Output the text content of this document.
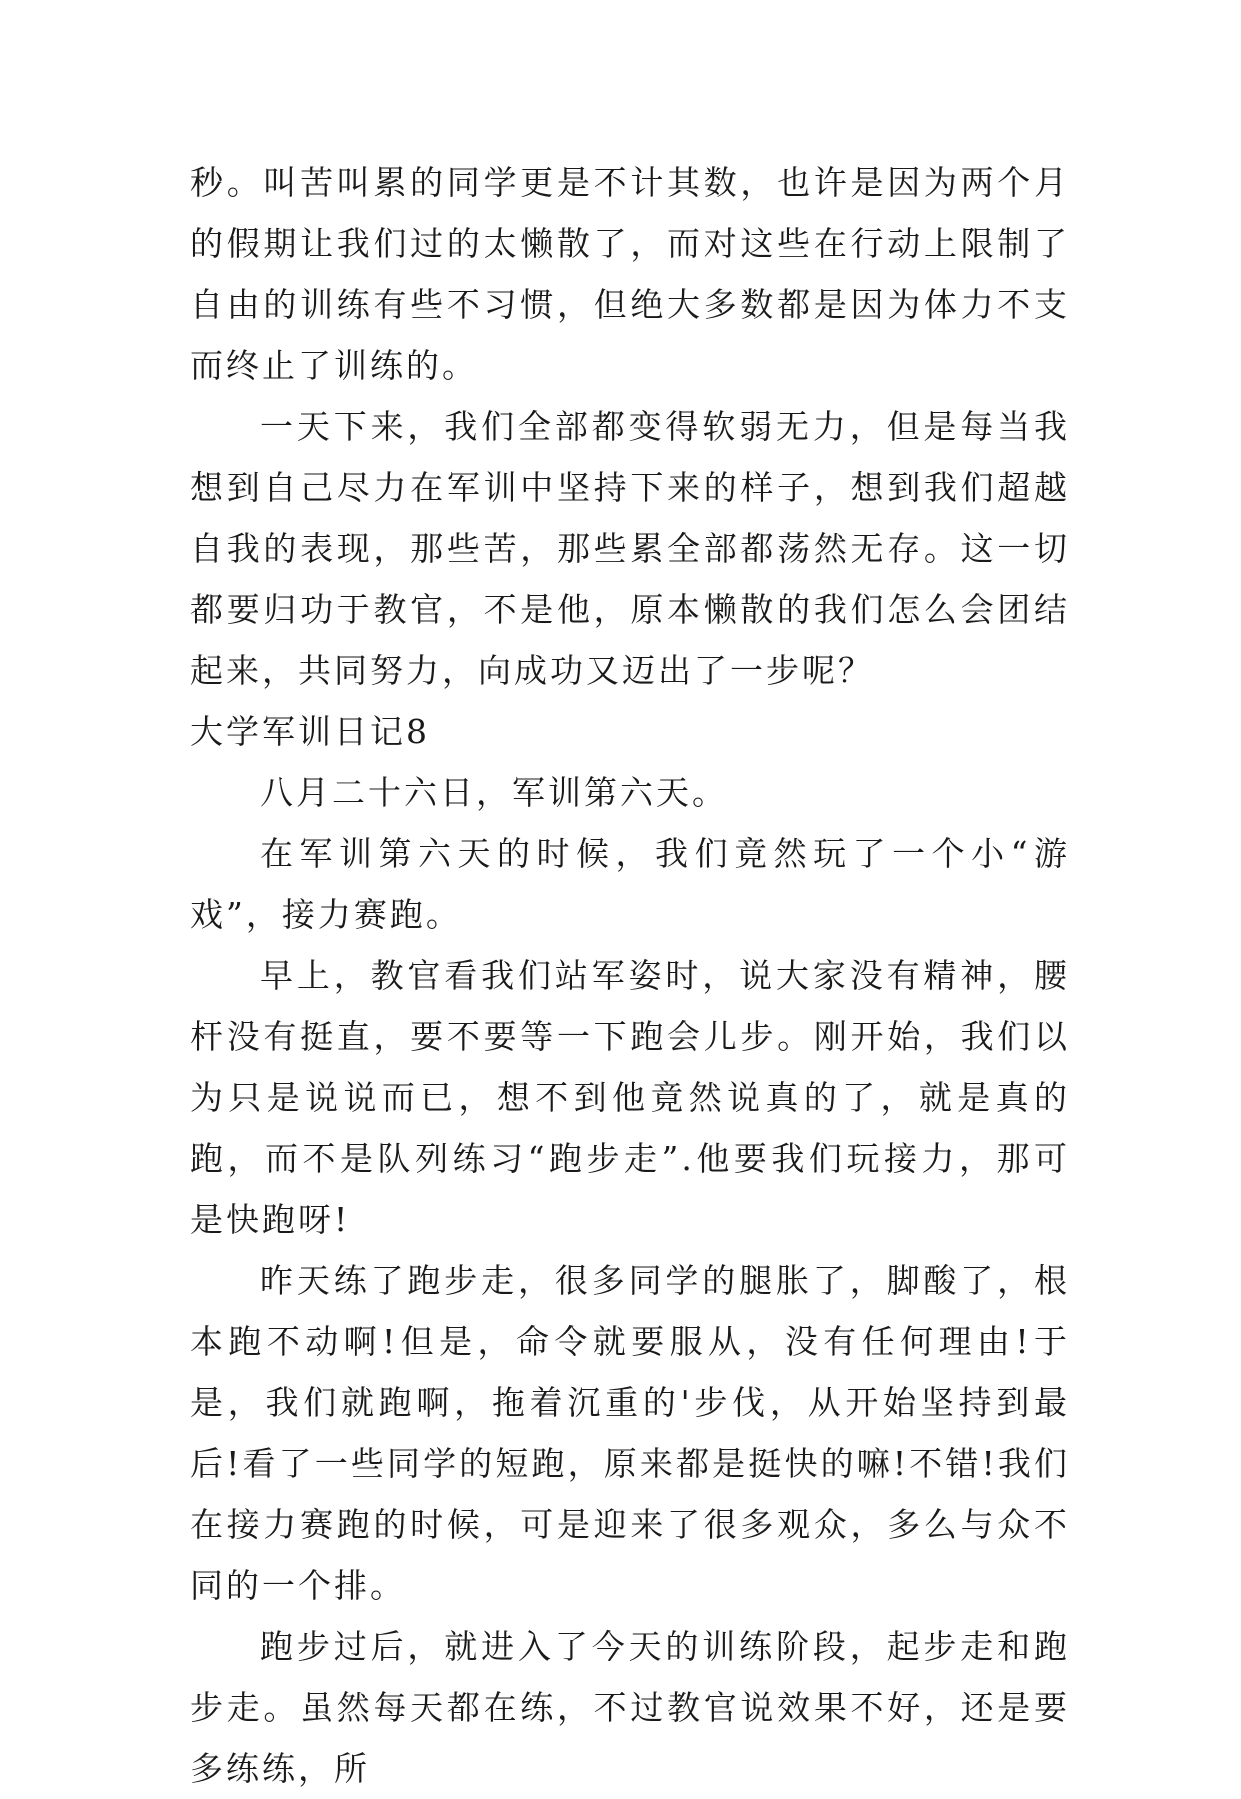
秒。叫苦叫累的同学更是不计其数，也许是因为两个月的假期让我们过的太懒散了，而对这些在行动上限制了自由的训练有些不习惯，但绝大多数都是因为体力不支而终止了训练的。

一天下来，我们全部都变得软弱无力，但是每当我想到自己尽力在军训中坚持下来的样子，想到我们超越自我的表现，那些苦，那些累全部都荡然无存。这一切都要归功于教官，不是他，原本懒散的我们怎么会团结起来，共同努力，向成功又迈出了一步呢？

大学军训日记8

八月二十六日，军训第六天。

在军训第六天的时候，我们竟然玩了一个小“游戏”，接力赛跑。

早上，教官看我们站军姿时，说大家没有精神，腰杆没有挺直，要不要等一下跑会儿步。刚开始，我们以为只是说说而已，想不到他竟然说真的了，就是真的跑，而不是队列练习“跑步走”.他要我们玩接力，那可是快跑呀!

昨天练了跑步走，很多同学的腿胀了，脚酸了，根本跑不动啊!但是，命令就要服从，没有任何理由!于是，我们就跑啊，拖着沉重的'步伐，从开始坚持到最后!看了一些同学的短跑，原来都是挺快的嘛!不错!我们在接力赛跑的时候，可是迎来了很多观众，多么与众不同的一个排。

跑步过后，就进入了今天的训练阶段，起步走和跑步走。虽然每天都在练，不过教官说效果不好，还是要多练练，所
